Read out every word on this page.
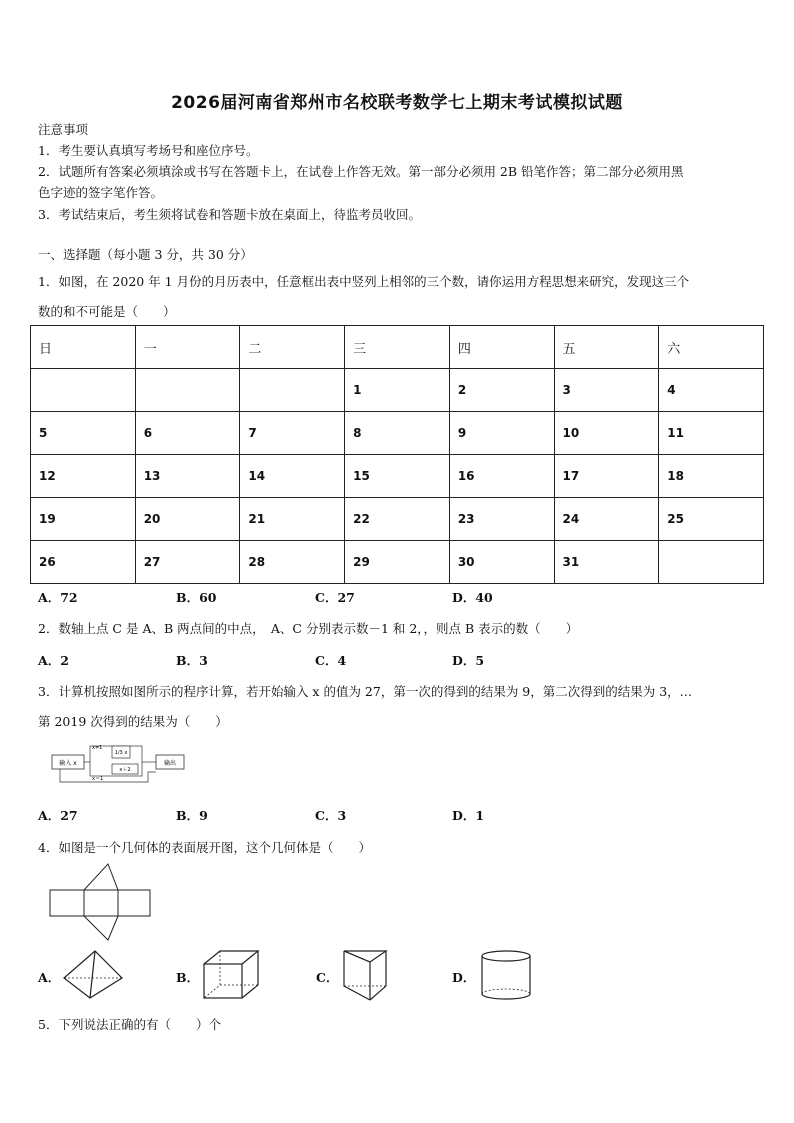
2026届河南省郑州市名校联考数学七上期末考试模拟试题
注意事项
1．考生要认真填写考场号和座位序号。
2．试题所有答案必须填涂或书写在答题卡上，在试卷上作答无效。第一部分必须用 2B 铅笔作答；第二部分必须用黑
色字迹的签字笔作答。
3．考试结束后，考生须将试卷和答题卡放在桌面上，待监考员收回。
一、选择题（每小题 3 分，共 30 分）
1．如图，在 2020 年 1 月份的月历表中，任意框出表中竖列上相邻的三个数，请你运用方程思想来研究，发现这三个
数的和不可能是（　　）
日	一	二	三	四	五	六
			1	2	3	4
5	6	7	8	9	10	11
12	13	14	15	16	17	18
19	20	21	22	23	24	25
26	27	28	29	30	31	
A．72	B．60	C．27	D．40
2．数轴上点 C 是 A、B 两点间的中点，　A、C 分别表示数－1 和 2，，则点 B 表示的数（　　）
A．2	B．3	C．4	D．5
3．计算机按照如图所示的程序计算，若开始输入 x 的值为 27，第一次的得到的结果为 9，第二次得到的结果为 3，…
第 2019 次得到的结果为（　　）
输入 x
x≠1
1/3 x
x＋2
输出
x＝1
A．27	B．9	C．3	D．1
4．如图是一个几何体的表面展开图，这个几何体是（　　）
A．	B．	C．	D．
5．下列说法正确的有（　　）个
